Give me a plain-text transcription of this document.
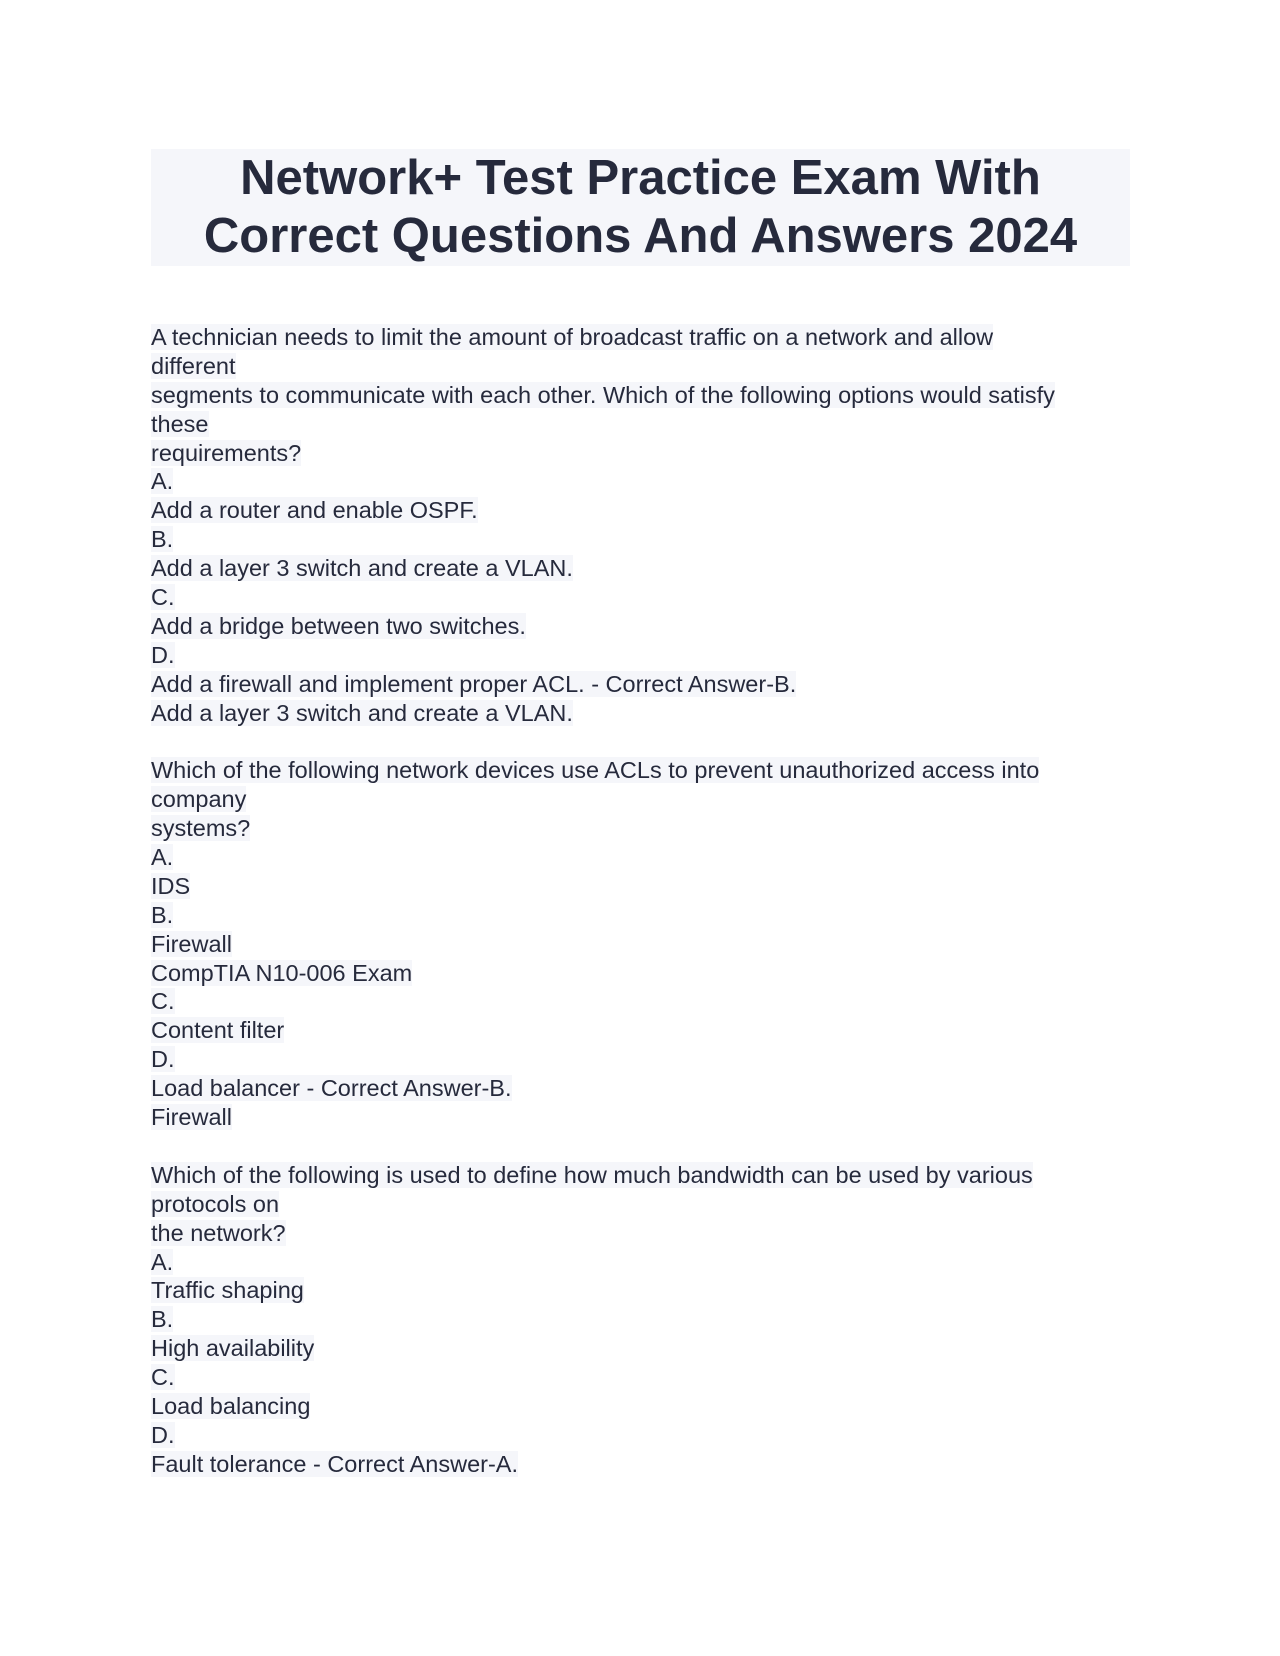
Network+ Test Practice Exam With
Correct Questions And Answers 2024
A technician needs to limit the amount of broadcast traffic on a network and allow
different
segments to communicate with each other. Which of the following options would satisfy
these
requirements?
A.
Add a router and enable OSPF.
B.
Add a layer 3 switch and create a VLAN.
C.
Add a bridge between two switches.
D.
Add a firewall and implement proper ACL. - Correct Answer-B.
Add a layer 3 switch and create a VLAN.
Which of the following network devices use ACLs to prevent unauthorized access into
company
systems?
A.
IDS
B.
Firewall
CompTIA N10-006 Exam
C.
Content filter
D.
Load balancer - Correct Answer-B.
Firewall
Which of the following is used to define how much bandwidth can be used by various
protocols on
the network?
A.
Traffic shaping
B.
High availability
C.
Load balancing
D.
Fault tolerance - Correct Answer-A.
